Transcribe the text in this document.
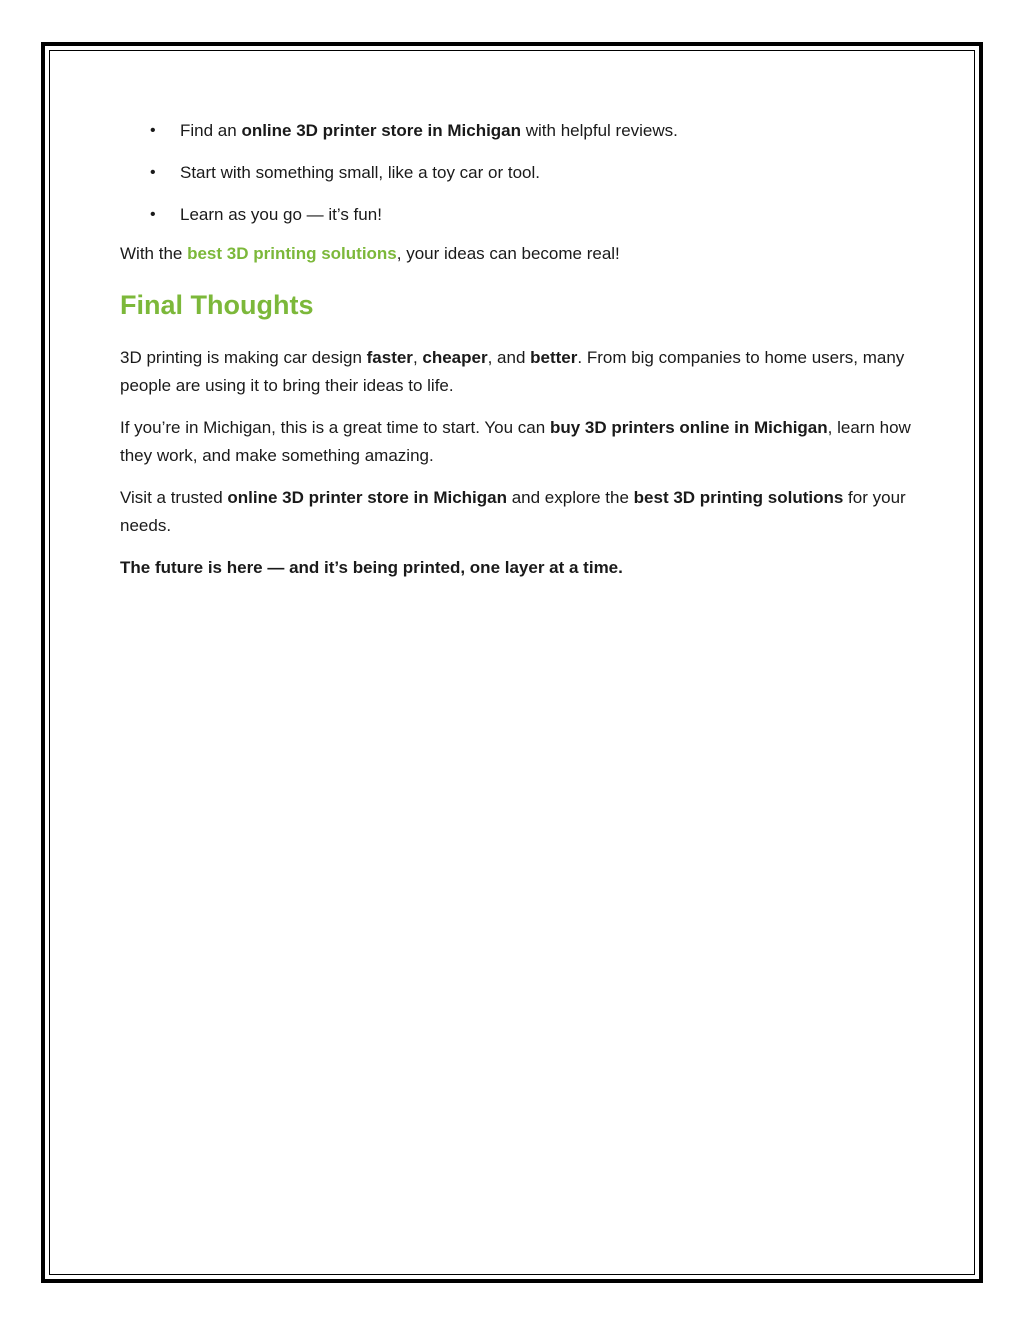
• Find an online 3D printer store in Michigan with helpful reviews.
• Start with something small, like a toy car or tool.
• Learn as you go — it’s fun!

With the best 3D printing solutions, your ideas can become real!

Final Thoughts

3D printing is making car design faster, cheaper, and better. From big companies to home users, many people are using it to bring their ideas to life.

If you’re in Michigan, this is a great time to start. You can buy 3D printers online in Michigan, learn how they work, and make something amazing.

Visit a trusted online 3D printer store in Michigan and explore the best 3D printing solutions for your needs.

The future is here — and it’s being printed, one layer at a time.
